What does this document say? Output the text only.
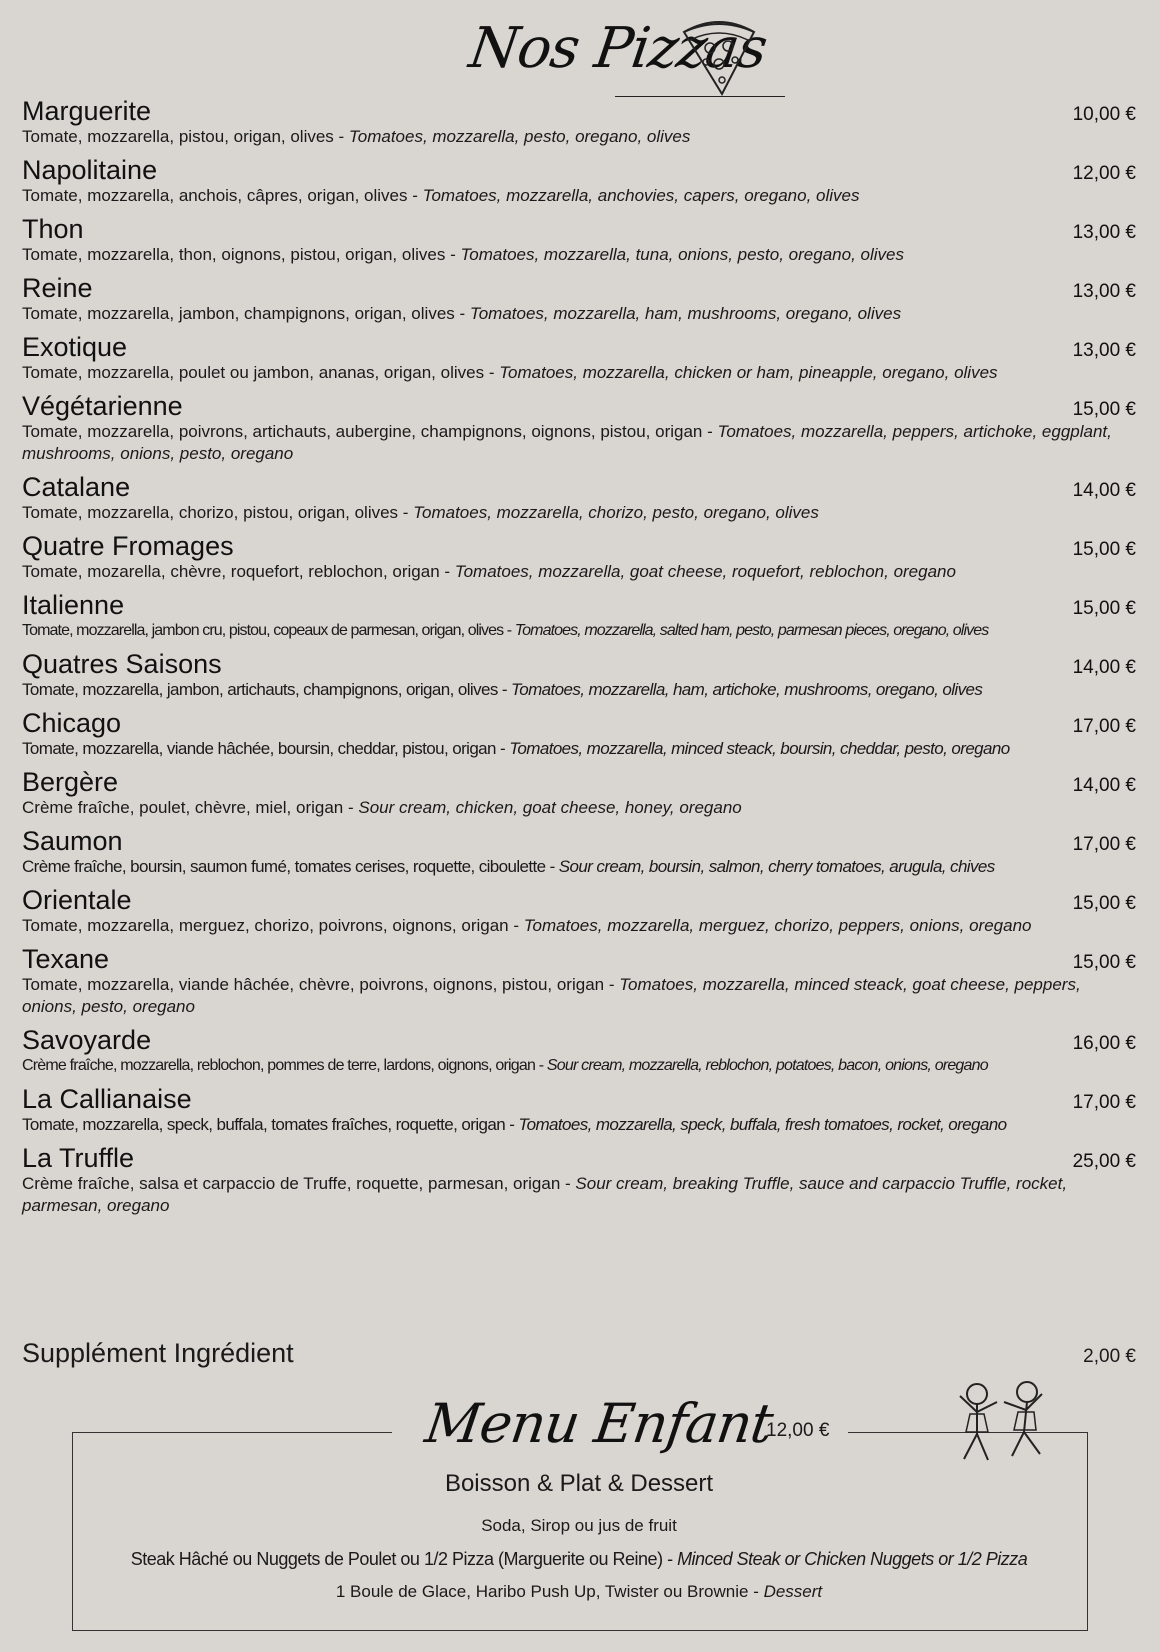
Nos Pizzas
Marguerite	10,00 €
Tomate, mozzarella, pistou, origan, olives - Tomatoes, mozzarella, pesto, oregano, olives
Napolitaine	12,00 €
Tomate, mozzarella, anchois, câpres, origan, olives - Tomatoes, mozzarella, anchovies, capers, oregano, olives
Thon	13,00 €
Tomate, mozzarella, thon, oignons, pistou, origan, olives - Tomatoes, mozzarella, tuna, onions, pesto, oregano, olives
Reine	13,00 €
Tomate, mozzarella, jambon, champignons, origan, olives - Tomatoes, mozzarella, ham, mushrooms, oregano, olives
Exotique	13,00 €
Tomate, mozzarella, poulet ou jambon, ananas, origan, olives - Tomatoes, mozzarella, chicken or ham, pineapple, oregano, olives
Végétarienne	15,00 €
Tomate, mozzarella, poivrons, artichauts, aubergine, champignons, oignons, pistou, origan - Tomatoes, mozzarella, peppers, artichoke, eggplant, mushrooms, onions, pesto, oregano
Catalane	14,00 €
Tomate, mozzarella, chorizo, pistou, origan, olives - Tomatoes, mozzarella, chorizo, pesto, oregano, olives
Quatre Fromages	15,00 €
Tomate, mozarella, chèvre, roquefort, reblochon, origan - Tomatoes, mozzarella, goat cheese, roquefort, reblochon, oregano
Italienne	15,00 €
Tomate, mozzarella, jambon cru, pistou, copeaux de parmesan, origan, olives - Tomatoes, mozzarella, salted ham, pesto, parmesan pieces, oregano, olives
Quatres Saisons	14,00 €
Tomate, mozzarella, jambon, artichauts, champignons, origan, olives - Tomatoes, mozzarella, ham, artichoke, mushrooms, oregano, olives
Chicago	17,00 €
Tomate, mozzarella, viande hâchée, boursin, cheddar, pistou, origan - Tomatoes, mozzarella, minced steack, boursin, cheddar, pesto, oregano
Bergère	14,00 €
Crème fraîche, poulet, chèvre, miel, origan - Sour cream, chicken, goat cheese, honey, oregano
Saumon	17,00 €
Crème fraîche, boursin, saumon fumé, tomates cerises, roquette, ciboulette - Sour cream, boursin, salmon, cherry tomatoes, arugula, chives
Orientale	15,00 €
Tomate, mozzarella, merguez, chorizo, poivrons, oignons, origan - Tomatoes, mozzarella, merguez, chorizo, peppers, onions, oregano
Texane	15,00 €
Tomate, mozzarella, viande hâchée, chèvre, poivrons, oignons, pistou, origan - Tomatoes, mozzarella, minced steack, goat cheese, peppers, onions, pesto, oregano
Savoyarde	16,00 €
Crème fraîche, mozzarella, reblochon, pommes de terre, lardons, oignons, origan - Sour cream, mozzarella, reblochon, potatoes, bacon, onions, oregano
La Callianaise	17,00 €
Tomate, mozzarella, speck, buffala, tomates fraîches, roquette, origan - Tomatoes, mozzarella, speck, buffala, fresh tomatoes, rocket, oregano
La Truffle	25,00 €
Crème fraîche, salsa et carpaccio de Truffe, roquette, parmesan, origan - Sour cream, breaking Truffle, sauce and carpaccio Truffle, rocket, parmesan, oregano
Supplément Ingrédient	2,00 €
Menu Enfant
12,00 €
Boisson & Plat & Dessert
Soda, Sirop ou jus de fruit
Steak Hâché ou Nuggets de Poulet ou 1/2 Pizza (Marguerite ou Reine) - Minced Steak or Chicken Nuggets or 1/2 Pizza
1 Boule de Glace, Haribo Push Up, Twister ou Brownie - Dessert
